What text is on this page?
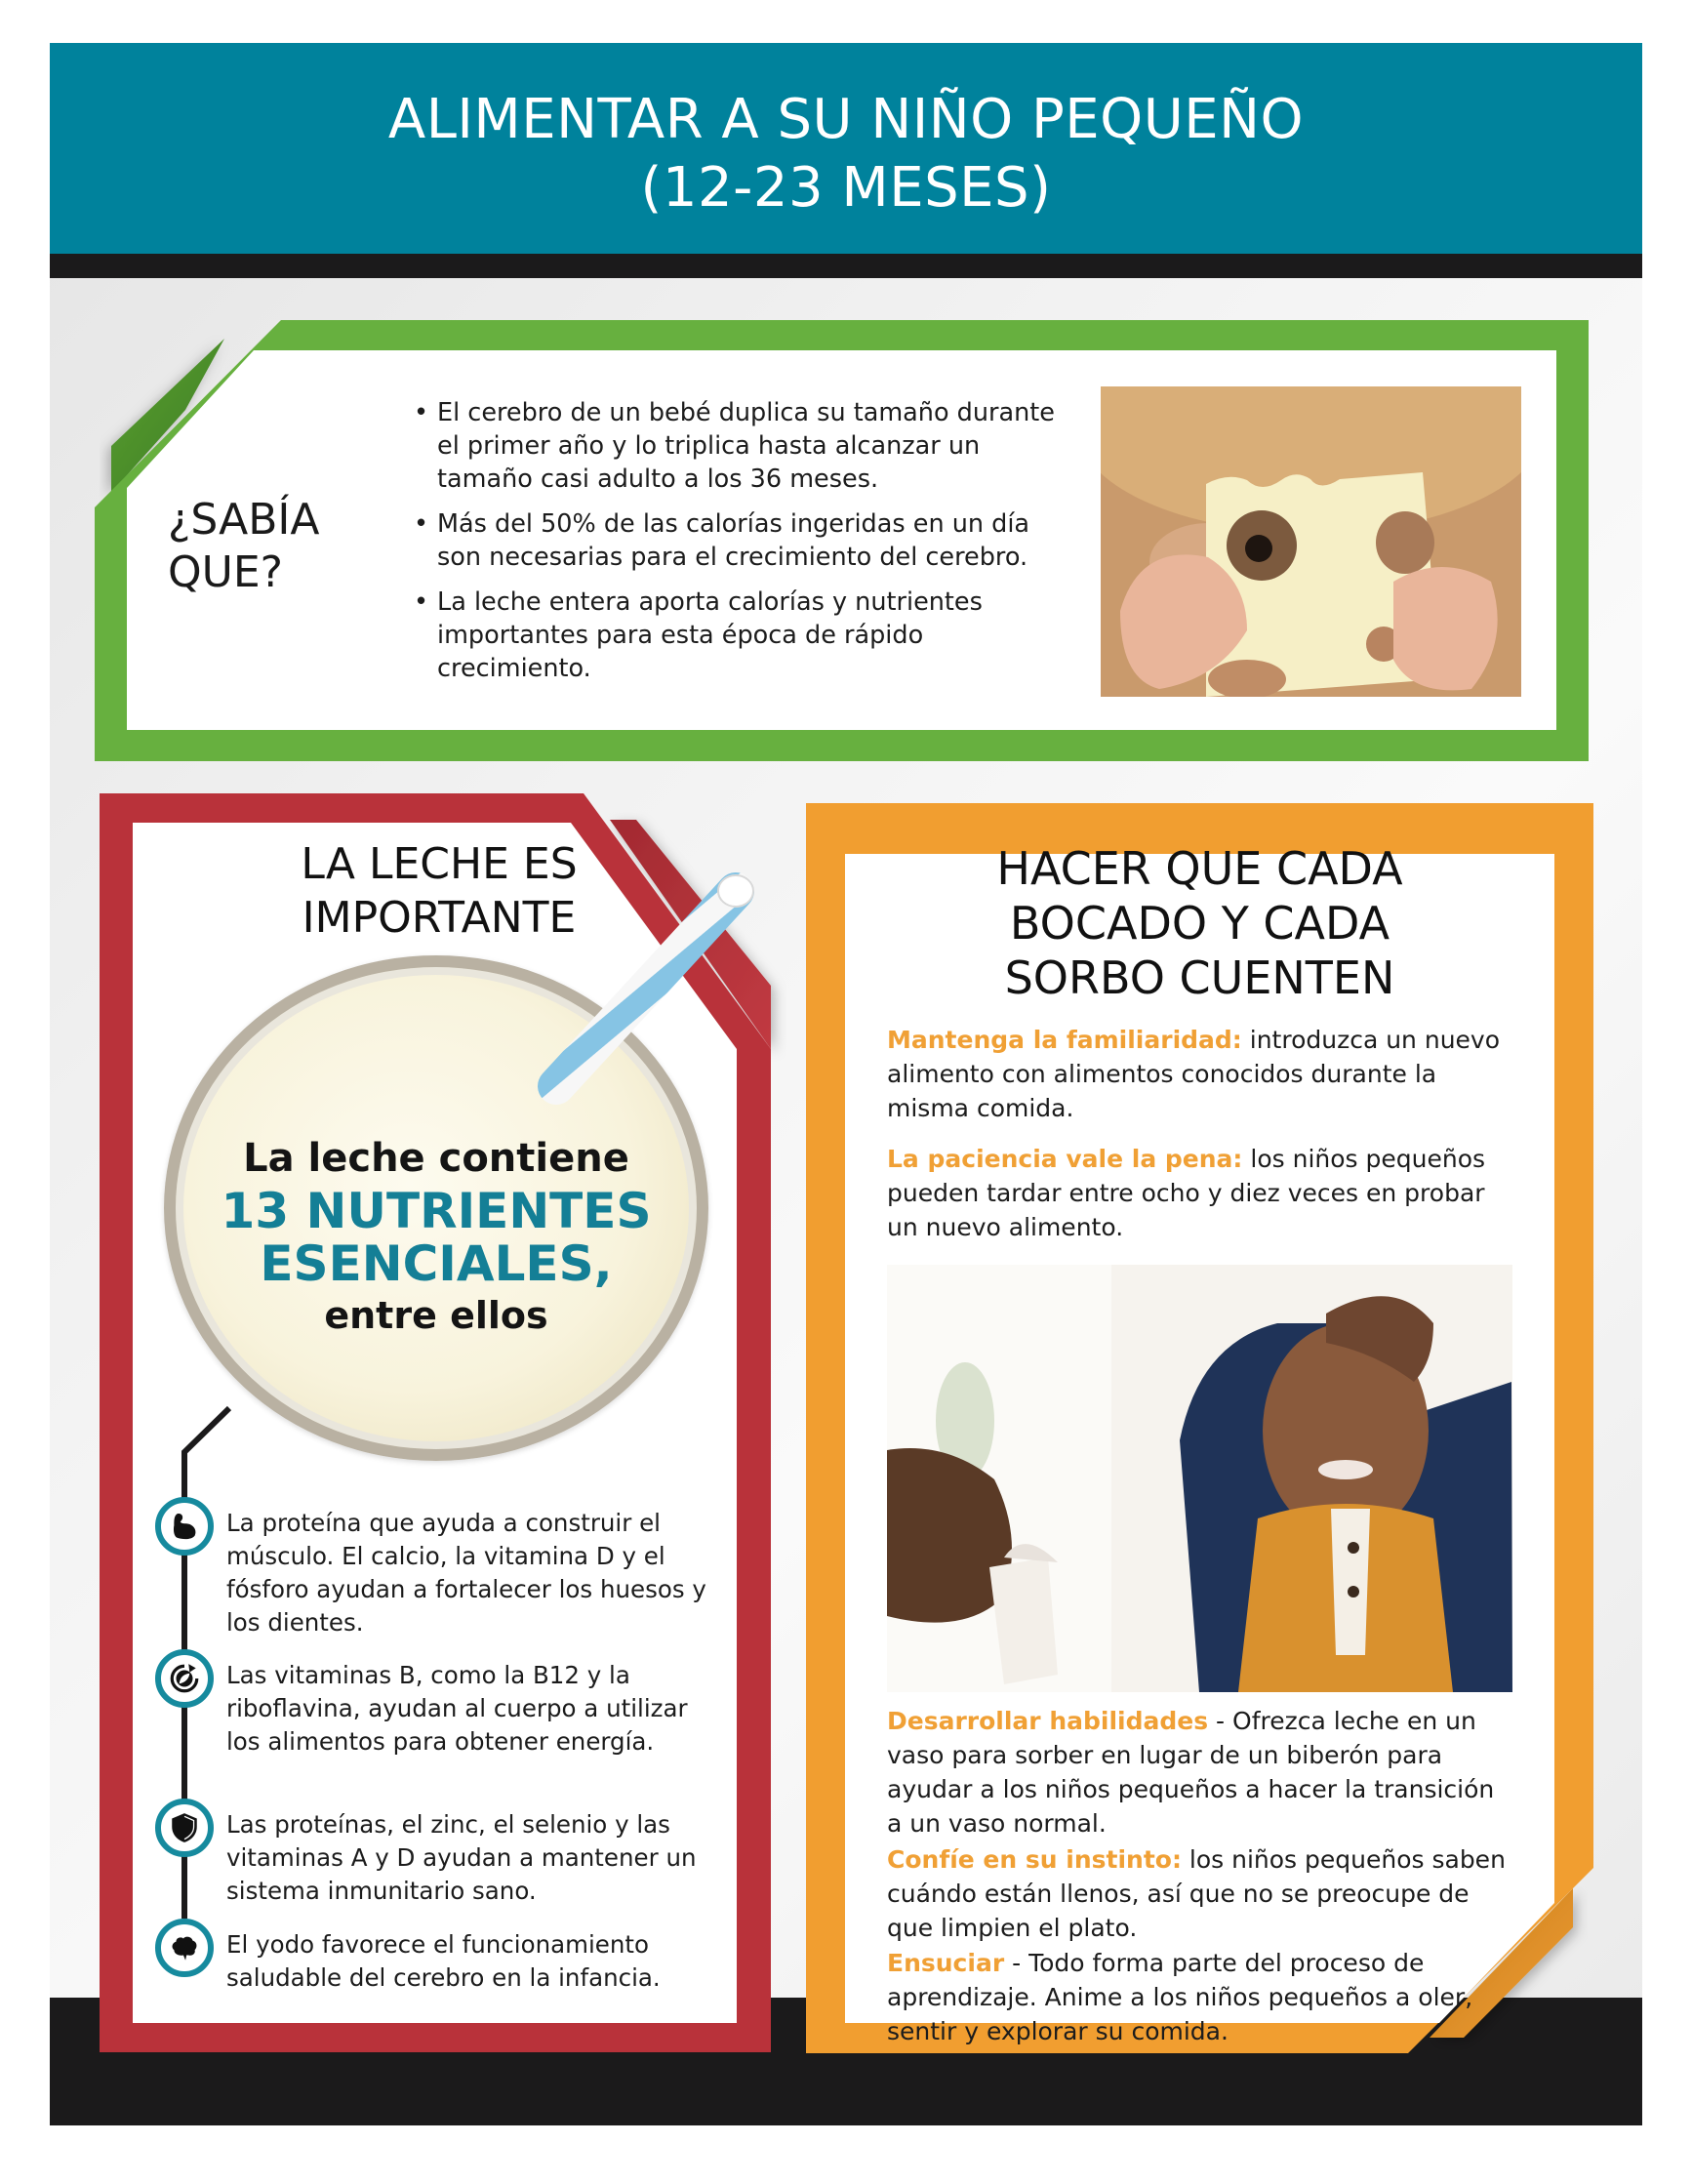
ALIMENTAR A SU NIÑO PEQUEÑO
(12-23 MESES)
¿SABÍA
QUE?
• El cerebro de un bebé duplica su tamaño durante el primer año y lo triplica hasta alcanzar un tamaño casi adulto a los 36 meses.
• Más del 50% de las calorías ingeridas en un día son necesarias para el crecimiento del cerebro.
• La leche entera aporta calorías y nutrientes importantes para esta época de rápido crecimiento.
LA LECHE ES
IMPORTANTE
La leche contiene
13 NUTRIENTES
ESENCIALES,
entre ellos
La proteína que ayuda a construir el músculo. El calcio, la vitamina D y el fósforo ayudan a fortalecer los huesos y los dientes.
Las vitaminas B, como la B12 y la riboflavina, ayudan al cuerpo a utilizar los alimentos para obtener energía.
Las proteínas, el zinc, el selenio y las vitaminas A y D ayudan a mantener un sistema inmunitario sano.
El yodo favorece el funcionamiento saludable del cerebro en la infancia.
HACER QUE CADA
BOCADO Y CADA
SORBO CUENTEN

Mantenga la familiaridad: introduzca un nuevo alimento con alimentos conocidos durante la misma comida.

La paciencia vale la pena: los niños pequeños pueden tardar entre ocho y diez veces en probar un nuevo alimento.

Desarrollar habilidades - Ofrezca leche en un vaso para sorber en lugar de un biberón para ayudar a los niños pequeños a hacer la transición a un vaso normal.

Confíe en su instinto: los niños pequeños saben cuándo están llenos, así que no se preocupe de que limpien el plato.

Ensuciar - Todo forma parte del proceso de aprendizaje. Anime a los niños pequeños a oler, sentir y explorar su comida.
